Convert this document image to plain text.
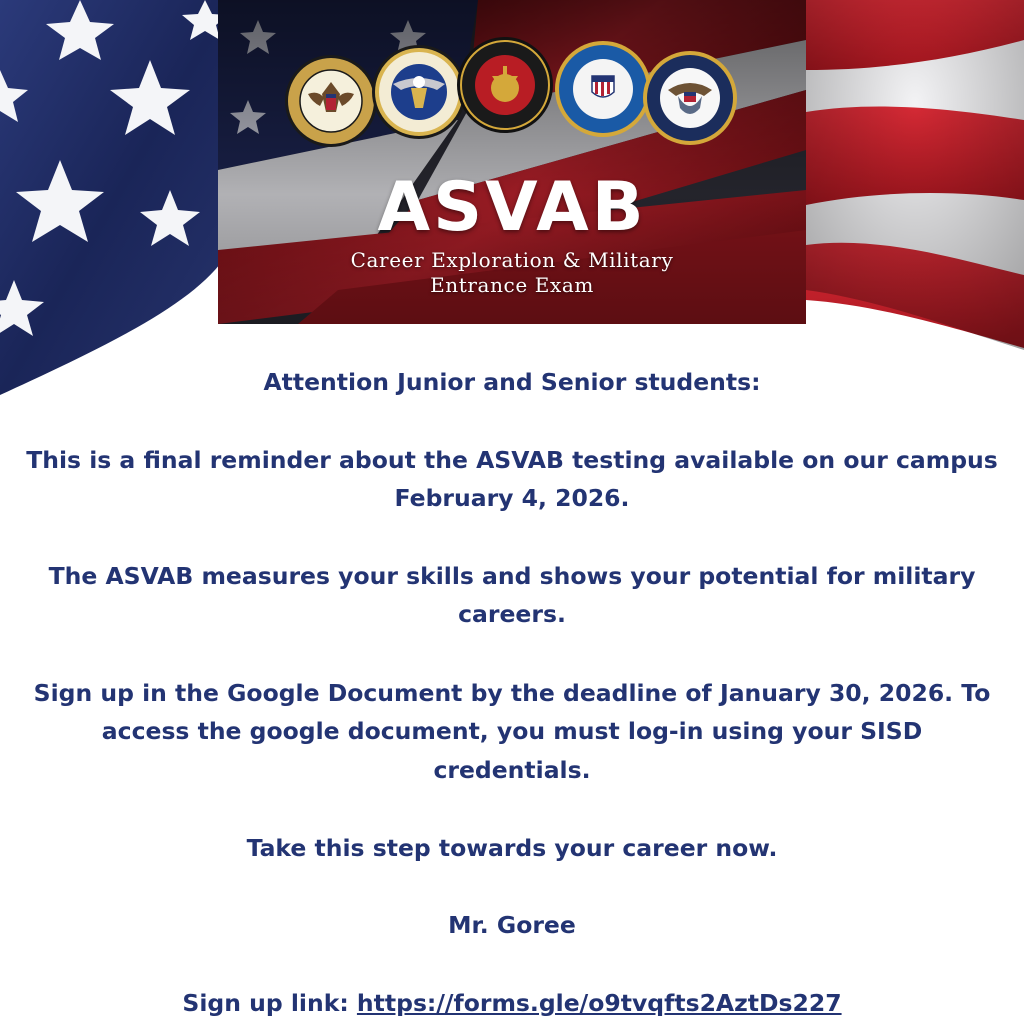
ASVAB
Career Exploration & Military
Entrance Exam

Attention Junior and Senior students:

This is a final reminder about the ASVAB testing available on our campus

February 4, 2026.

The ASVAB measures your skills and shows your potential for military

careers.

Sign up in the Google Document by the deadline of January 30, 2026. To

access the google document, you must log-in using your SISD

credentials.

Take this step towards your career now.

Mr. Goree

Sign up link: https://forms.gle/o9tvqfts2AztDs227
